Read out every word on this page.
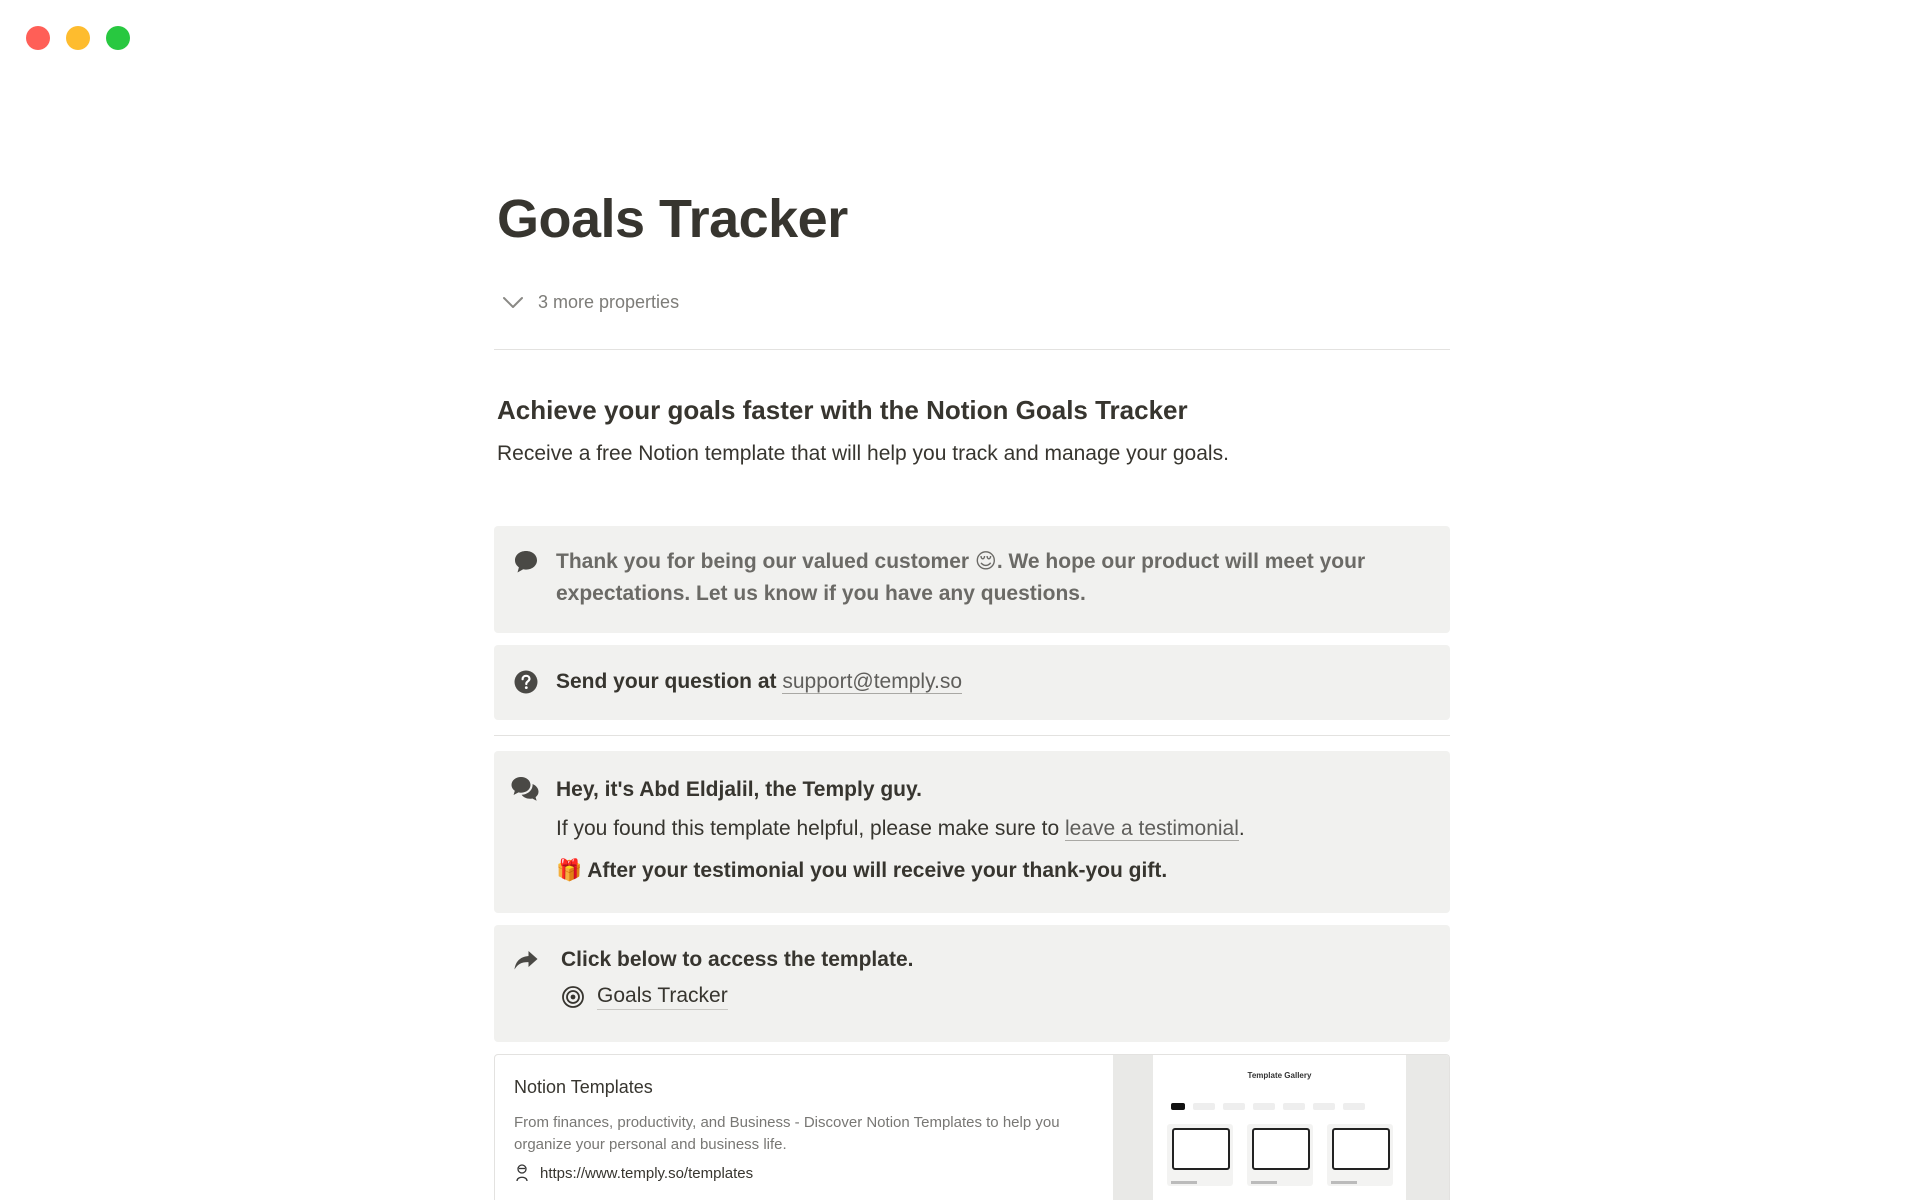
Goals Tracker
3 more properties
Achieve your goals faster with the Notion Goals Tracker

Receive a free Notion template that will help you track and manage your goals.

Thank you for being our valued customer 😌. We hope our product will meet your expectations. Let us know if you have any questions.
Send your question at support@temply.so
Hey, it's Abd Eldjalil, the Temply guy.
If you found this template helpful, please make sure to leave a testimonial.
🎁 After your testimonial you will receive your thank-you gift.
Click below to access the template.
Goals Tracker
Notion Templates
From finances, productivity, and Business - Discover Notion Templates to help you organize your personal and business life.
https://www.temply.so/templates
Template Gallery
